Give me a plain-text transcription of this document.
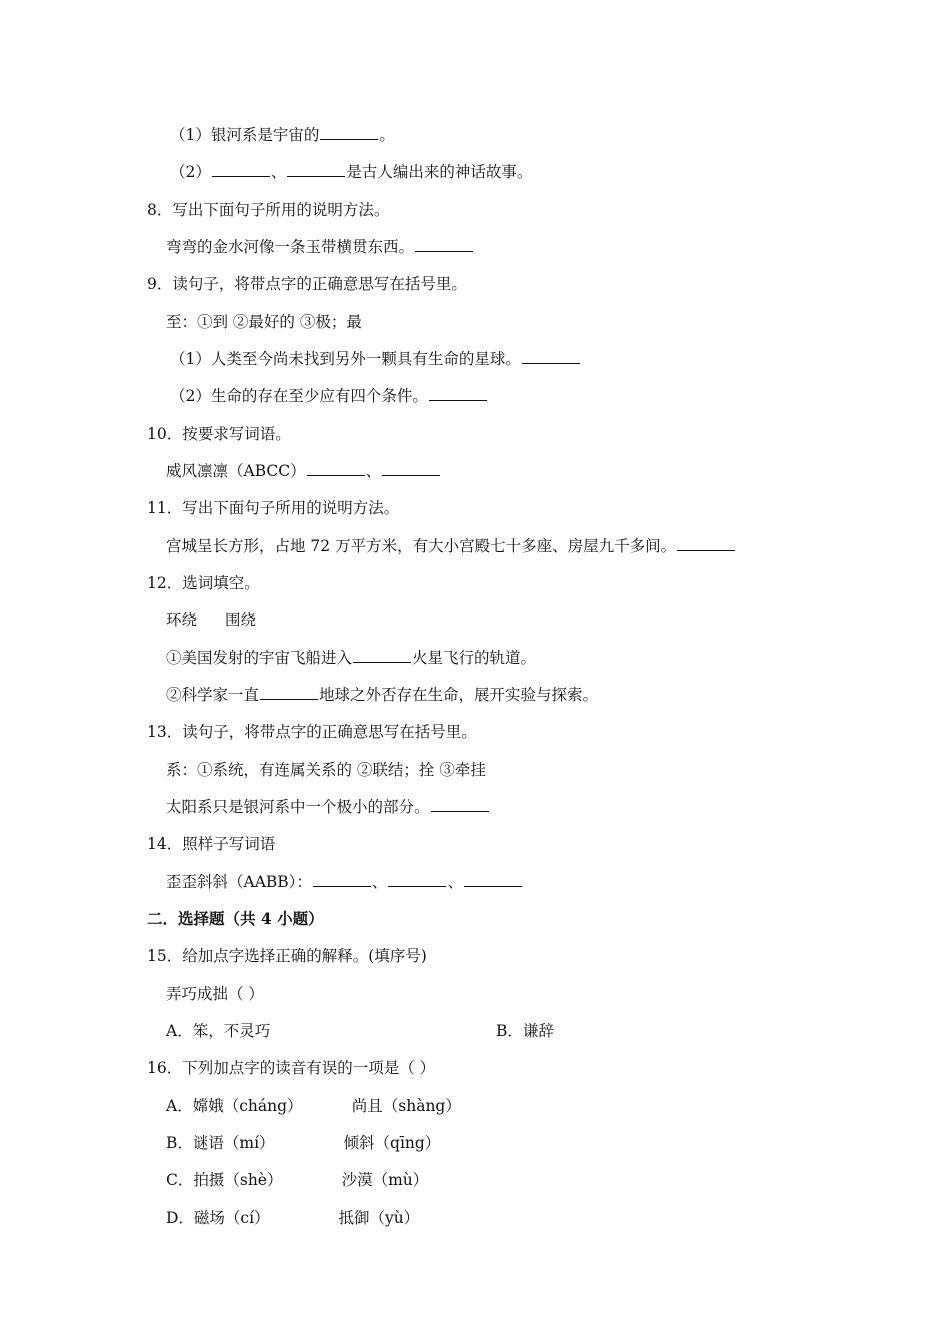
（1）银河系是宇宙的	。
（2）	、	是古人编出来的神话故事。
8．写出下面句子所用的说明方法。
弯弯的金水河像一条玉带横贯东西。
9．读句子，将带点字的正确意思写在括号里。
至：①到 ②最好的 ③极；最
（1）人类至今尚未找到另外一颗具有生命的星球。
（2）生命的存在至少应有四个条件。
10．按要求写词语。
威风凛凛（ABCC）	、
11．写出下面句子所用的说明方法。
宫城呈长方形，占地 72 万平方米，有大小宫殿七十多座、房屋九千多间。
12．选词填空。
环绕 围绕
①美国发射的宇宙飞船进入	火星飞行的轨道。
②科学家一直	地球之外否存在生命，展开实验与探索。
13．读句子，将带点字的正确意思写在括号里。
系：①系统，有连属关系的 ②联结；拴 ③牵挂
太阳系只是银河系中一个极小的部分。
14．照样子写词语
歪歪斜斜（AABB）：	、	、
二．选择题（共 4 小题）
15．给加点字选择正确的解释。(填序号)
弄巧成拙（ ）
A．笨，不灵巧	B．谦辞
16．下列加点字的读音有误的一项是（ ）
A．嫦娥（cháng）          尚且（shàng）
B．谜语（mí）              倾斜（qīng）
C．拍摄（shè）            沙漠（mù）
D．磁场（cí）              抵御（yù）
